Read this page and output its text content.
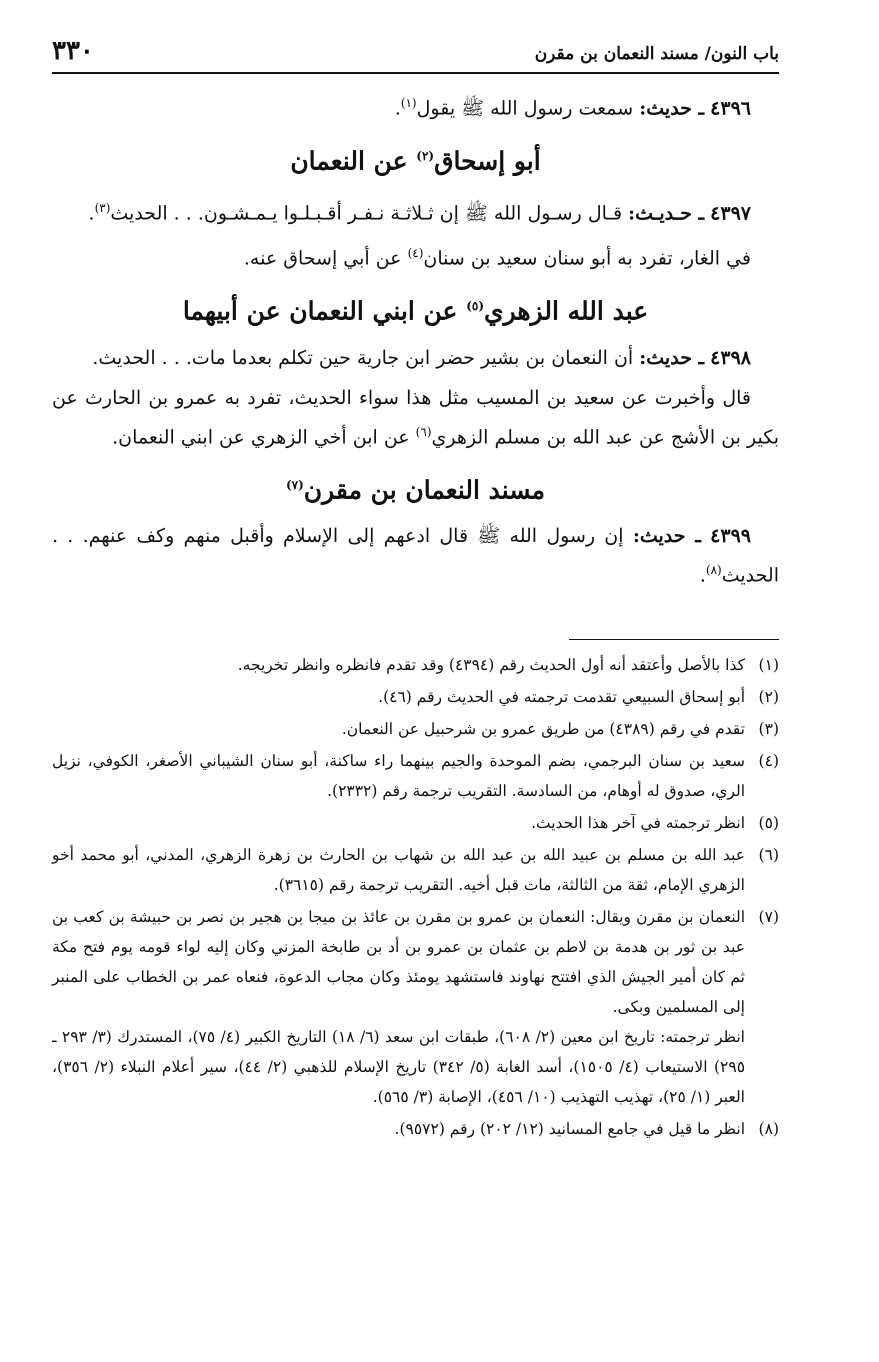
باب النون/ مسند النعمان بن مقرن
٣٣٠

٤٣٩٦ ـ حديث: سمعت رسول الله ﷺ يقول$^{(١)}$.

أبو إسحاق$^{(٢)}$ عن النعمان

٤٣٩٧ ـ حـديـث: قـال رسـول الله ﷺ إن ثـلاثـة نـفـر أقـبـلـوا يـمـشـون. . . الحديث$^{(٣)}$.

في الغار، تفرد به أبو سنان سعيد بن سنان$^{(٤)}$ عن أبي إسحاق عنه.

عبد الله الزهري$^{(٥)}$ عن ابني النعمان عن أبيهما

٤٣٩٨ ـ حديث: أن النعمان بن بشير حضر ابن جارية حين تكلم بعدما مات. . . الحديث.

قال وأخبرت عن سعيد بن المسيب مثل هذا سواء الحديث، تفرد به عمرو بن الحارث عن بكير بن الأشج عن عبد الله بن مسلم الزهري$^{(٦)}$ عن ابن أخي الزهري عن ابني النعمان.

مسند النعمان بن مقرن$^{(٧)}$

٤٣٩٩ ـ حديث: إن رسول الله ﷺ قال ادعهم إلى الإسلام وأقبل منهم وكف عنهم. . . الحديث$^{(٨)}$.

(١)
كذا بالأصل وأعتقد أنه أول الحديث رقم (٤٣٩٤) وقد تقدم فانظره وانظر تخريجه.
(٢)
أبو إسحاق السبيعي تقدمت ترجمته في الحديث رقم (٤٦).
(٣)
تقدم في رقم (٤٣٨٩) من طريق عمرو بن شرحبيل عن النعمان.
(٤)
سعيد بن سنان البرجمي، بضم الموحدة والجيم بينهما راء ساكنة، أبو سنان الشيباني الأصغر، الكوفي، نزيل الري، صدوق له أوهام، من السادسة. التقريب ترجمة رقم (٢٣٣٢).
(٥)
انظر ترجمته في آخر هذا الحديث.
(٦)
عبد الله بن مسلم بن عبيد الله بن عبد الله بن شهاب بن الحارث بن زهرة الزهري، المدني، أبو محمد أخو الزهري الإمام، ثقة من الثالثة، مات قبل أخيه. التقريب ترجمة رقم (٣٦١٥).
(٧)
النعمان بن مقرن ويقال: النعمان بن عمرو بن مقرن بن عائذ بن ميجا بن هجير بن نصر بن حبيشة بن كعب بن عبد بن ثور بن هدمة بن لاطم بن عثمان بن عمرو بن أد بن طابخة المزني وكان إليه لواء قومه يوم فتح مكة ثم كان أمير الجيش الذي افتتح نهاوند فاستشهد يومئذ وكان مجاب الدعوة، فنعاه عمر بن الخطاب على المنبر إلى المسلمين وبكى.
انظر ترجمته: تاريخ ابن معين (٢/ ٦٠٨)، طبقات ابن سعد (٦/ ١٨) التاريخ الكبير (٤/ ٧٥)، المستدرك (٣/ ٢٩٣ ـ ٢٩٥) الاستيعاب (٤/ ١٥٠٥)، أسد الغابة (٥/ ٣٤٢) تاريخ الإسلام للذهبي (٢/ ٤٤)، سير أعلام النبلاء (٢/ ٣٥٦)، العبر (١/ ٢٥)، تهذيب التهذيب (١٠/ ٤٥٦)، الإصابة (٣/ ٥٦٥).
(٨)
انظر ما قيل في جامع المسانيد (١٢/ ٢٠٢) رقم (٩٥٧٢).
